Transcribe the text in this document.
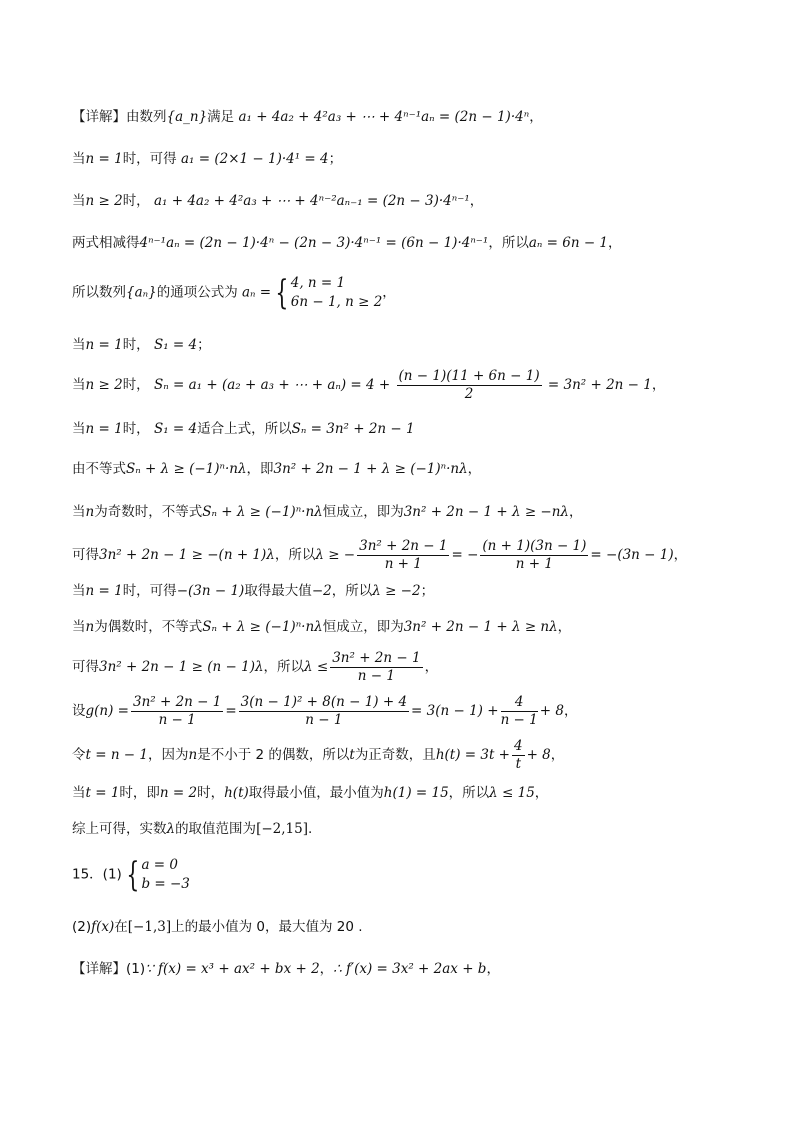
【详解】由数列{a_n}满足 a₁ + 4a₂ + 4²a₃ + ⋯ + 4ⁿ⁻¹aₙ = (2n − 1)·4ⁿ，
当n = 1时，可得 a₁ = (2×1 − 1)·4¹ = 4；
当n ≥ 2时， a₁ + 4a₂ + 4²a₃ + ⋯ + 4ⁿ⁻²aₙ₋₁ = (2n − 3)·4ⁿ⁻¹，
两式相减得4ⁿ⁻¹aₙ = (2n − 1)·4ⁿ − (2n − 3)·4ⁿ⁻¹ = (6n − 1)·4ⁿ⁻¹，所以aₙ = 6n − 1，
所以数列{aₙ}的通项公式为 aₙ = { 4, n = 1
6n − 1, n ≥ 2
，
当n = 1时， S₁ = 4；
当n ≥ 2时， Sₙ = a₁ + (a₂ + a₃ + ⋯ + $a_n) = 4 + \frac{(n - 1)(11 + 6n - 1)}{2} = 3n^2 + 2n - 1$，
当n = 1时， S₁ = 4适合上式，所以Sₙ = 3n² + 2n − 1
由不等式Sₙ + λ ≥ (−1)ⁿ·nλ，即3n² + 2n − 1 + λ ≥ (−1)ⁿ·nλ，
当n为奇数时，不等式Sₙ + λ ≥ (−1)ⁿ·nλ恒成立，即为3n² + 2n − 1 + λ ≥ −nλ，
可得3n² + 2n − 1 ≥ −(n + 1)λ，所以λ ≥ − $\frac{\text{3n² + 2n − 1}}{n + 1}$ = − $\frac{(n + 1)(3n - 1)}{n + 1} = -(3n - 1)$，
当n = 1时，可得−(3n − 1)取得最大值−2，所以λ ≥ −2；
当n为偶数时，不等式Sₙ + λ ≥ (−1)ⁿ·nλ恒成立，即为3n² + 2n − 1 + λ ≥ nλ，
可得3n² + 2n − 1 ≥ (n − 1)λ，所以$\lambda \le \frac{\text{3n² + 2n − 1}}{n - 1}$ ，
设$g(n) = \frac{\text{3n² + 2n − 1}}{n - 1} = \frac{\text{3(n − 1)² + 8(n − 1) + 4}}{n - 1} = 3(n - 1) + \frac{4}{n - 1} + 8$，
令t = n − 1，因为n是不小于 2 的偶数，所以t为正奇数，且$h(t) = 3t + \frac{4}{t} + 8$，
当t = 1时，即n = 2时，h(t)取得最小值，最小值为h(1) = 15，所以λ ≤ 15，
综上可得，实数λ的取值范围为[−2,15].
15．(1) { a = 0
b = −3
(2)f(x)在[−1,3]上的最小值为 0，最大值为 20 .
【详解】(1)∵ f(x) = x³ + ax² + bx + 2，∴ f′(x) = 3x² + 2ax + b，
